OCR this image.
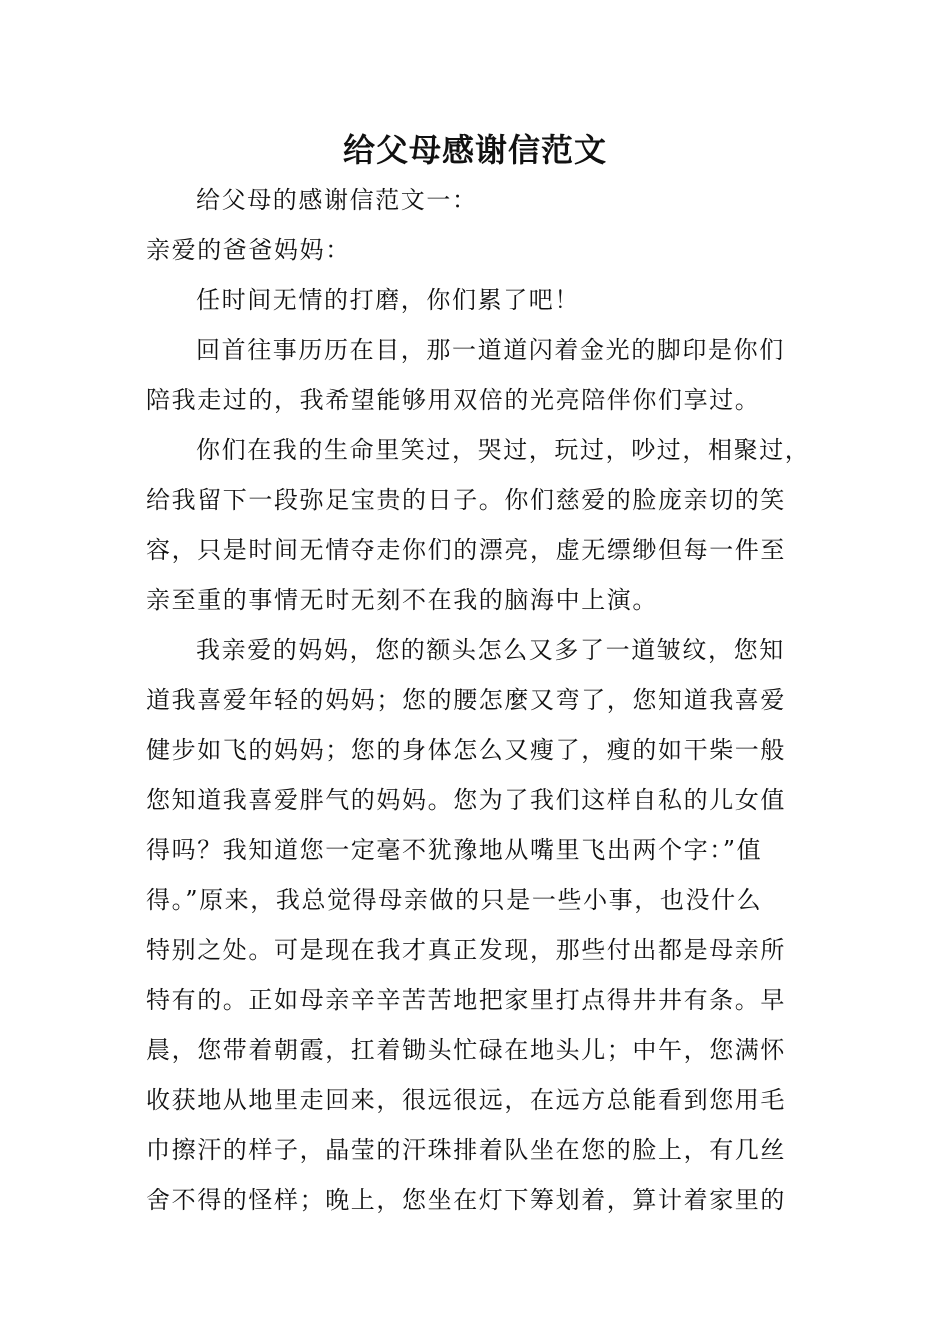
给父母感谢信范文
给父母的感谢信范文一：
亲爱的爸爸妈妈：
任时间无情的打磨，你们累了吧！
回首往事历历在目，那一道道闪着金光的脚印是你们
陪我走过的，我希望能够用双倍的光亮陪伴你们享过。
你们在我的生命里笑过，哭过，玩过，吵过，相聚过，
给我留下一段弥足宝贵的日子。你们慈爱的脸庞亲切的笑
容，只是时间无情夺走你们的漂亮，虚无缥缈但每一件至
亲至重的事情无时无刻不在我的脑海中上演。
我亲爱的妈妈，您的额头怎么又多了一道皱纹，您知
道我喜爱年轻的妈妈；您的腰怎麼又弯了，您知道我喜爱
健步如飞的妈妈；您的身体怎么又瘦了，瘦的如干柴一般
您知道我喜爱胖气的妈妈。您为了我们这样自私的儿女值
得吗？我知道您一定毫不犹豫地从嘴里飞出两个字：”值
得。”原来，我总觉得母亲做的只是一些小事，也没什么
特别之处。可是现在我才真正发现，那些付出都是母亲所
特有的。正如母亲辛辛苦苦地把家里打点得井井有条。早
晨，您带着朝霞，扛着锄头忙碌在地头儿；中午，您满怀
收获地从地里走回来，很远很远，在远方总能看到您用毛
巾擦汗的样子，晶莹的汗珠排着队坐在您的脸上，有几丝
舍不得的怪样；晚上，您坐在灯下筹划着，算计着家里的
